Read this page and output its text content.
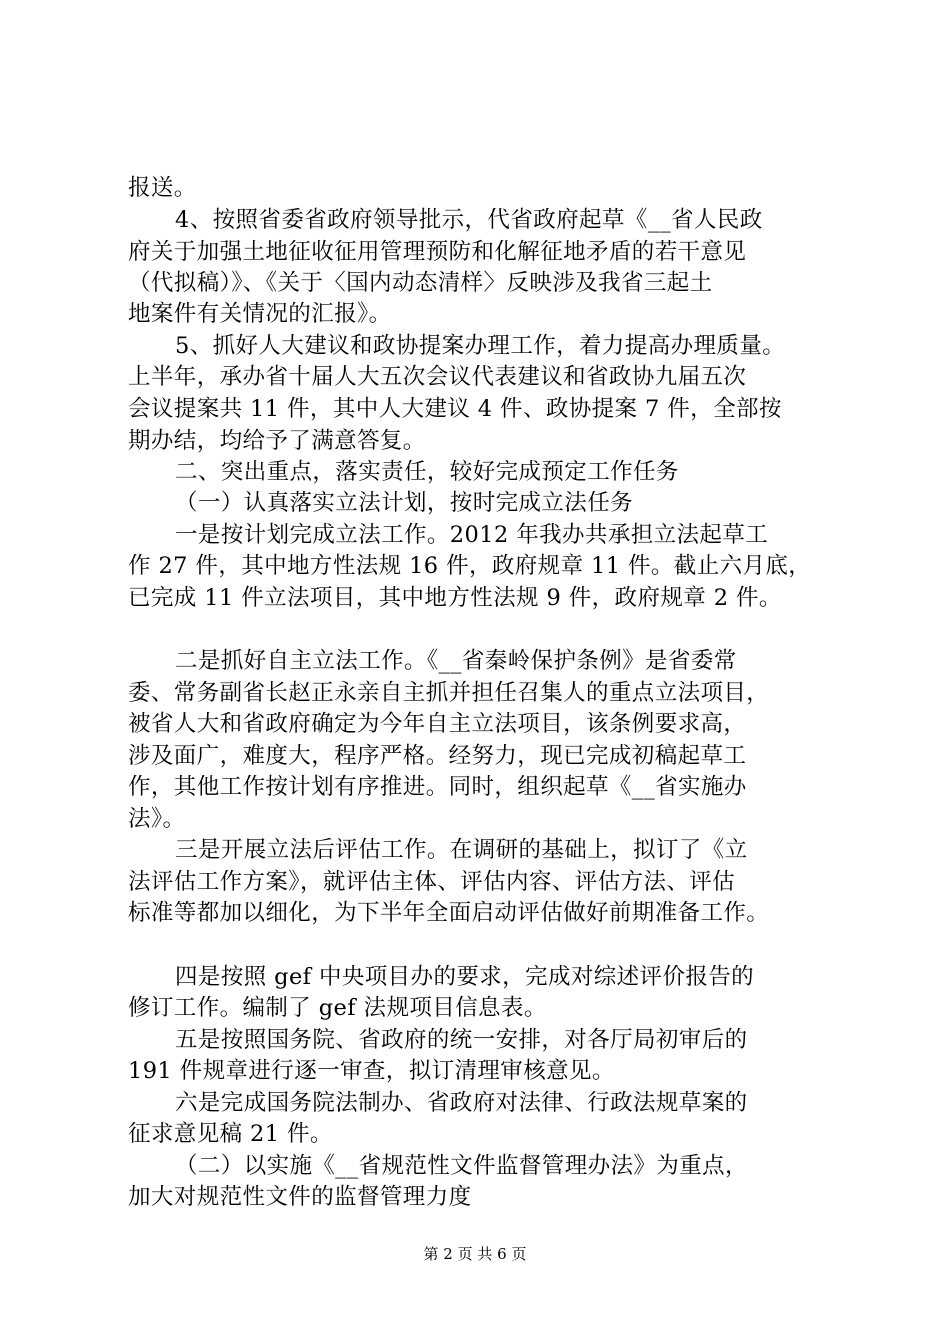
报送。
4、按照省委省政府领导批示，代省政府起草《__省人民政
府关于加强土地征收征用管理预防和化解征地矛盾的若干意见
（代拟稿）》、《关于〈国内动态清样〉反映涉及我省三起土
地案件有关情况的汇报》。
5、抓好人大建议和政协提案办理工作，着力提高办理质量。
上半年，承办省十届人大五次会议代表建议和省政协九届五次
会议提案共 11 件，其中人大建议 4 件、政协提案 7 件，全部按
期办结，均给予了满意答复。
二、突出重点，落实责任，较好完成预定工作任务
（一）认真落实立法计划，按时完成立法任务
一是按计划完成立法工作。2012 年我办共承担立法起草工
作 27 件，其中地方性法规 16 件，政府规章 11 件。截止六月底，
已完成 11 件立法项目，其中地方性法规 9 件，政府规章 2 件。
二是抓好自主立法工作。《__省秦岭保护条例》是省委常
委、常务副省长赵正永亲自主抓并担任召集人的重点立法项目，
被省人大和省政府确定为今年自主立法项目，该条例要求高，
涉及面广，难度大，程序严格。经努力，现已完成初稿起草工
作，其他工作按计划有序推进。同时，组织起草《__省实施办
法》。
三是开展立法后评估工作。在调研的基础上，拟订了《立
法评估工作方案》，就评估主体、评估内容、评估方法、评估
标准等都加以细化，为下半年全面启动评估做好前期准备工作。
四是按照 gef 中央项目办的要求，完成对综述评价报告的
修订工作。编制了 gef 法规项目信息表。
五是按照国务院、省政府的统一安排，对各厅局初审后的
191 件规章进行逐一审查，拟订清理审核意见。
六是完成国务院法制办、省政府对法律、行政法规草案的
征求意见稿 21 件。
（二）以实施《__省规范性文件监督管理办法》为重点，
加大对规范性文件的监督管理力度
第 2 页 共 6 页
